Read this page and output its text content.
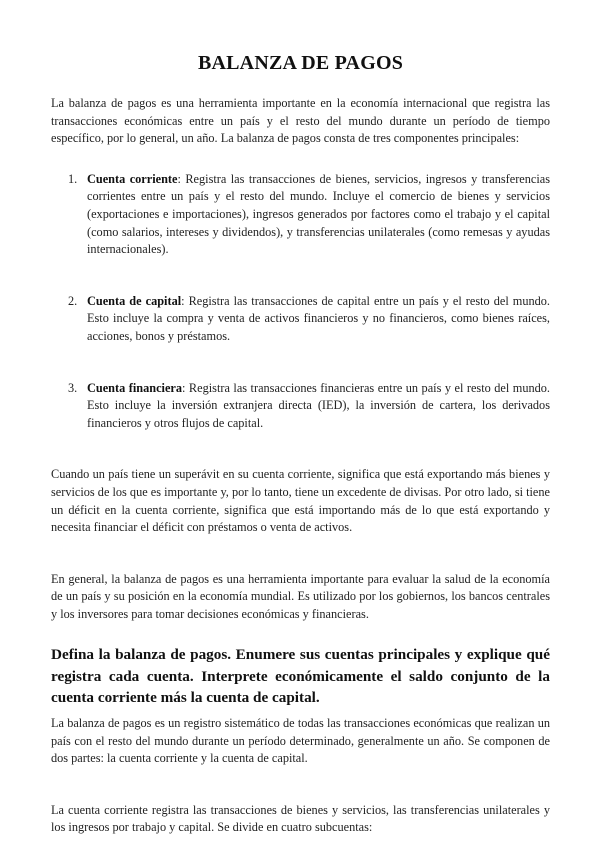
BALANZA DE PAGOS

La balanza de pagos es una herramienta importante en la economía internacional que registra las transacciones económicas entre un país y el resto del mundo durante un período de tiempo específico, por lo general, un año. La balanza de pagos consta de tres componentes principales:

1. Cuenta corriente: Registra las transacciones de bienes, servicios, ingresos y transferencias corrientes entre un país y el resto del mundo. Incluye el comercio de bienes y servicios (exportaciones e importaciones), ingresos generados por factores como el trabajo y el capital (como salarios, intereses y dividendos), y transferencias unilaterales (como remesas y ayudas internacionales).
2. Cuenta de capital: Registra las transacciones de capital entre un país y el resto del mundo. Esto incluye la compra y venta de activos financieros y no financieros, como bienes raíces, acciones, bonos y préstamos.
3. Cuenta financiera: Registra las transacciones financieras entre un país y el resto del mundo. Esto incluye la inversión extranjera directa (IED), la inversión de cartera, los derivados financieros y otros flujos de capital.

Cuando un país tiene un superávit en su cuenta corriente, significa que está exportando más bienes y servicios de los que es importante y, por lo tanto, tiene un excedente de divisas. Por otro lado, si tiene un déficit en la cuenta corriente, significa que está importando más de lo que está exportando y necesita financiar el déficit con préstamos o venta de activos.

En general, la balanza de pagos es una herramienta importante para evaluar la salud de la economía de un país y su posición en la economía mundial. Es utilizado por los gobiernos, los bancos centrales y los inversores para tomar decisiones económicas y financieras.

Defina la balanza de pagos. Enumere sus cuentas principales y explique qué registra cada cuenta. Interprete económicamente el saldo conjunto de la cuenta corriente más la cuenta de capital.

La balanza de pagos es un registro sistemático de todas las transacciones económicas que realizan un país con el resto del mundo durante un período determinado, generalmente un año. Se componen de dos partes: la cuenta corriente y la cuenta de capital.

La cuenta corriente registra las transacciones de bienes y servicios, las transferencias unilaterales y los ingresos por trabajo y capital. Se divide en cuatro subcuentas:
